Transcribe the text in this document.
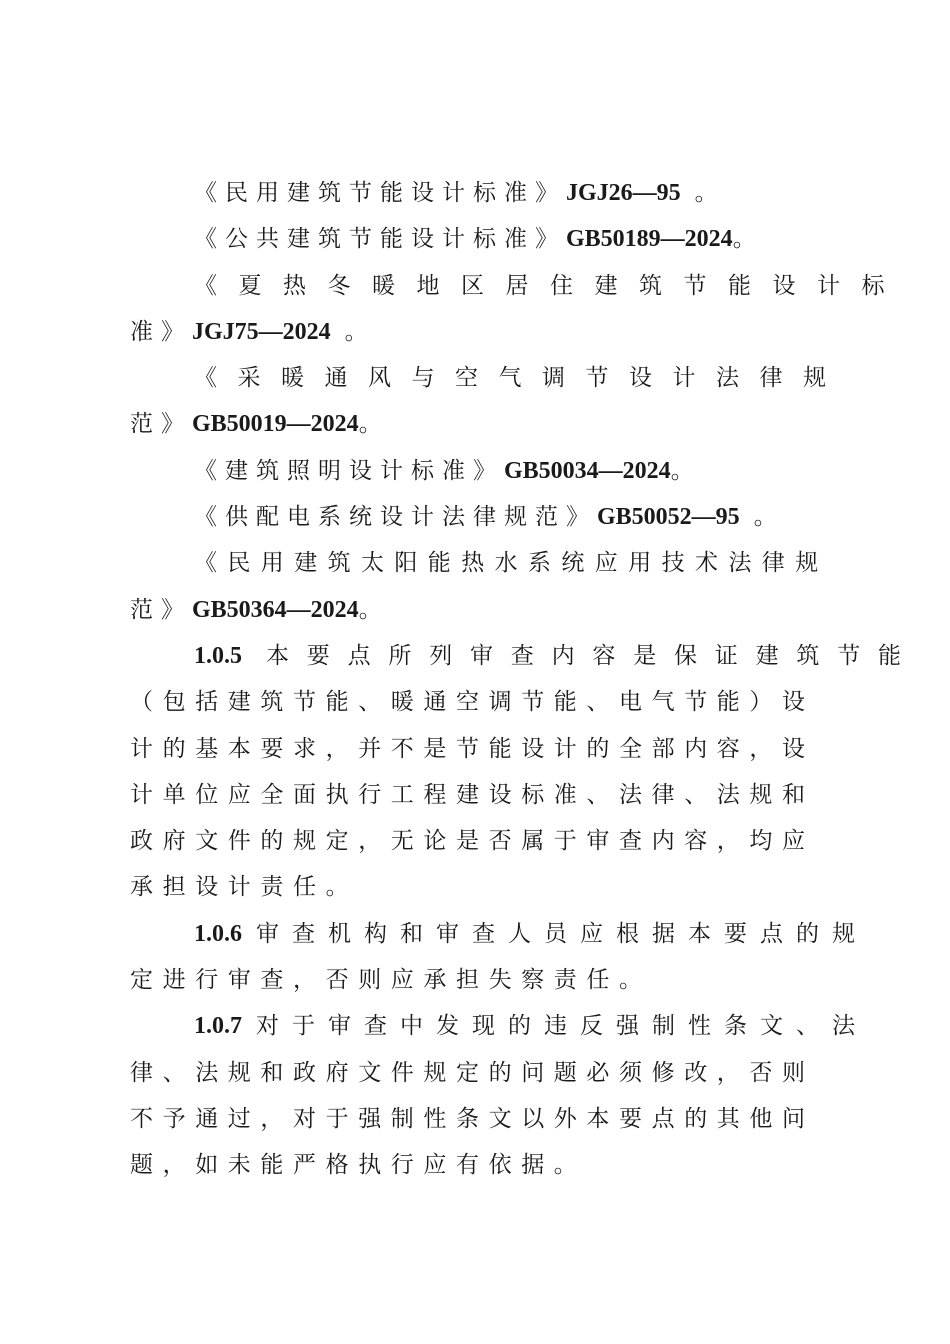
《民用建筑节能设计标准》JGJ26—95 。
《公共建筑节能设计标准》GB50189—2024。
《夏热冬暖地区居住建筑节能设计标
准》JGJ75—2024 。
《采暖通风与空气调节设计法律规
范》GB50019—2024。
《建筑照明设计标准》GB50034—2024。
《供配电系统设计法律规范》GB50052—95 。
《民用建筑太阳能热水系统应用技术法律规
范》GB50364—2024。
1.0.5 本要点所列审查内容是保证建筑节能
（包括建筑节能、暖通空调节能、电气节能）设
计的基本要求，并不是节能设计的全部内容，设
计单位应全面执行工程建设标准、法律、法规和
政府文件的规定，无论是否属于审查内容，均应
承担设计责任。
1.0.6 审查机构和审查人员应根据本要点的规
定进行审查，否则应承担失察责任。
1.0.7 对于审查中发现的违反强制性条文、法
律、法规和政府文件规定的问题必须修改，否则
不予通过，对于强制性条文以外本要点的其他问
题，如未能严格执行应有依据。
